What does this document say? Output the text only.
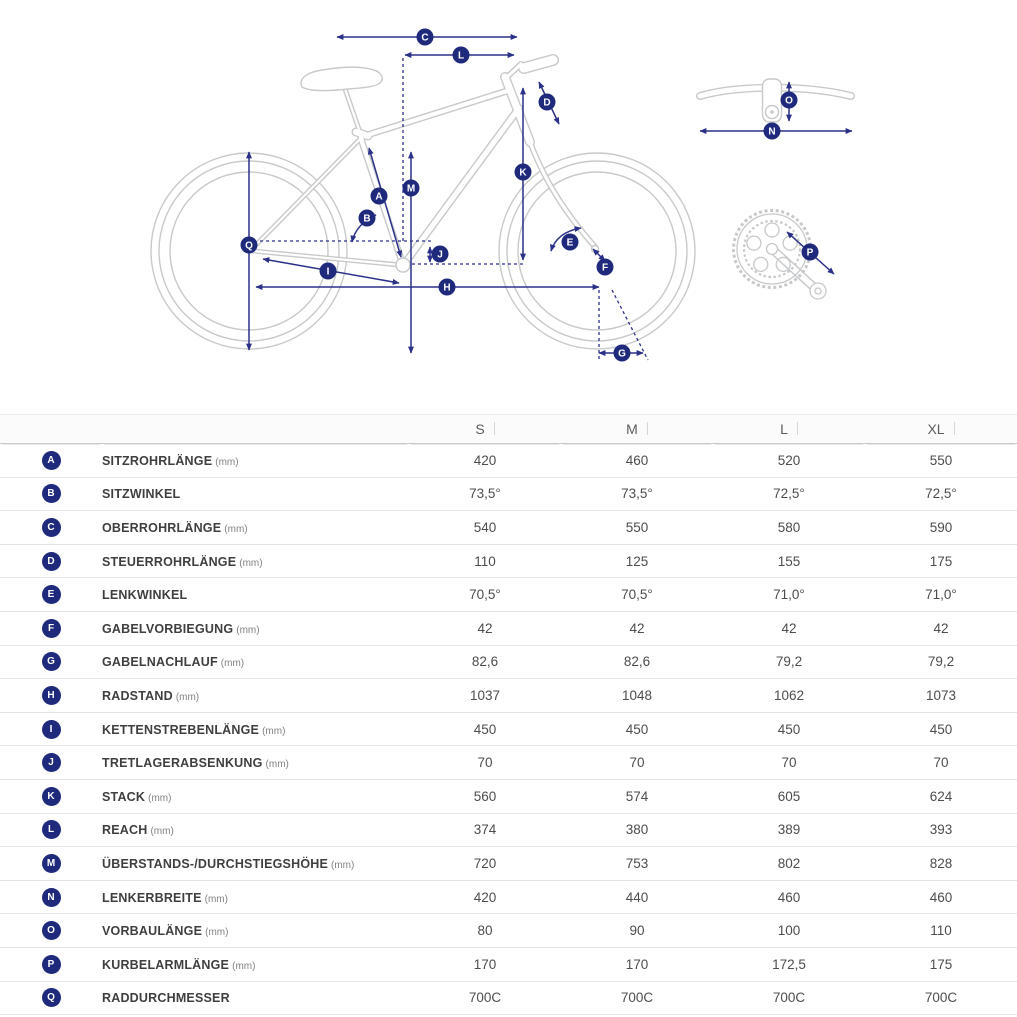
A
B
C
D
E
F
G
H
I
J
K
L
M
N
O
P
Q
		S	M	L	XL
A	SITZROHRLÄNGE (mm)	420	460	520	550
B	SITZWINKEL	73,5°	73,5°	72,5°	72,5°
C	OBERROHRLÄNGE (mm)	540	550	580	590
D	STEUERROHRLÄNGE (mm)	110	125	155	175
E	LENKWINKEL	70,5°	70,5°	71,0°	71,0°
F	GABELVORBIEGUNG (mm)	42	42	42	42
G	GABELNACHLAUF (mm)	82,6	82,6	79,2	79,2
H	RADSTAND (mm)	1037	1048	1062	1073
I	KETTENSTREBENLÄNGE (mm)	450	450	450	450
J	TRETLAGERABSENKUNG (mm)	70	70	70	70
K	STACK (mm)	560	574	605	624
L	REACH (mm)	374	380	389	393
M	ÜBERSTANDS-/DURCHSTIEGSHÖHE (mm)	720	753	802	828
N	LENKERBREITE (mm)	420	440	460	460
O	VORBAULÄNGE (mm)	80	90	100	110
P	KURBELARMLÄNGE (mm)	170	170	172,5	175
Q	RADDURCHMESSER	700C	700C	700C	700C
